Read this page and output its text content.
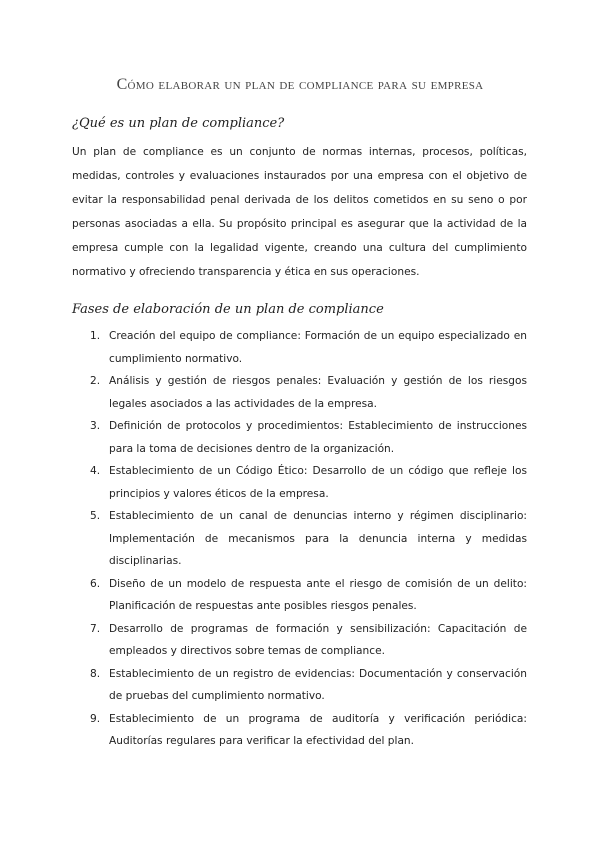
Cómo elaborar un plan de compliance para su empresa
¿Qué es un plan de compliance?

Un plan de compliance es un conjunto de normas internas, procesos, políticas, medidas, controles y evaluaciones instaurados por una empresa con el objetivo de evitar la responsabilidad penal derivada de los delitos cometidos en su seno o por personas asociadas a ella. Su propósito principal es asegurar que la actividad de la empresa cumple con la legalidad vigente, creando una cultura del cumplimiento normativo y ofreciendo transparencia y ética en sus operaciones.

Fases de elaboración de un plan de compliance
1. Creación del equipo de compliance: Formación de un equipo especializado en cumplimiento normativo.
2. Análisis y gestión de riesgos penales: Evaluación y gestión de los riesgos legales asociados a las actividades de la empresa.
3. Definición de protocolos y procedimientos: Establecimiento de instrucciones para la toma de decisiones dentro de la organización.
4. Establecimiento de un Código Ético: Desarrollo de un código que refleje los principios y valores éticos de la empresa.
5. Establecimiento de un canal de denuncias interno y régimen disciplinario: Implementación de mecanismos para la denuncia interna y medidas disciplinarias.
6. Diseño de un modelo de respuesta ante el riesgo de comisión de un delito: Planificación de respuestas ante posibles riesgos penales.
7. Desarrollo de programas de formación y sensibilización: Capacitación de empleados y directivos sobre temas de compliance.
8. Establecimiento de un registro de evidencias: Documentación y conservación de pruebas del cumplimiento normativo.
9. Establecimiento de un programa de auditoría y verificación periódica: Auditorías regulares para verificar la efectividad del plan.
